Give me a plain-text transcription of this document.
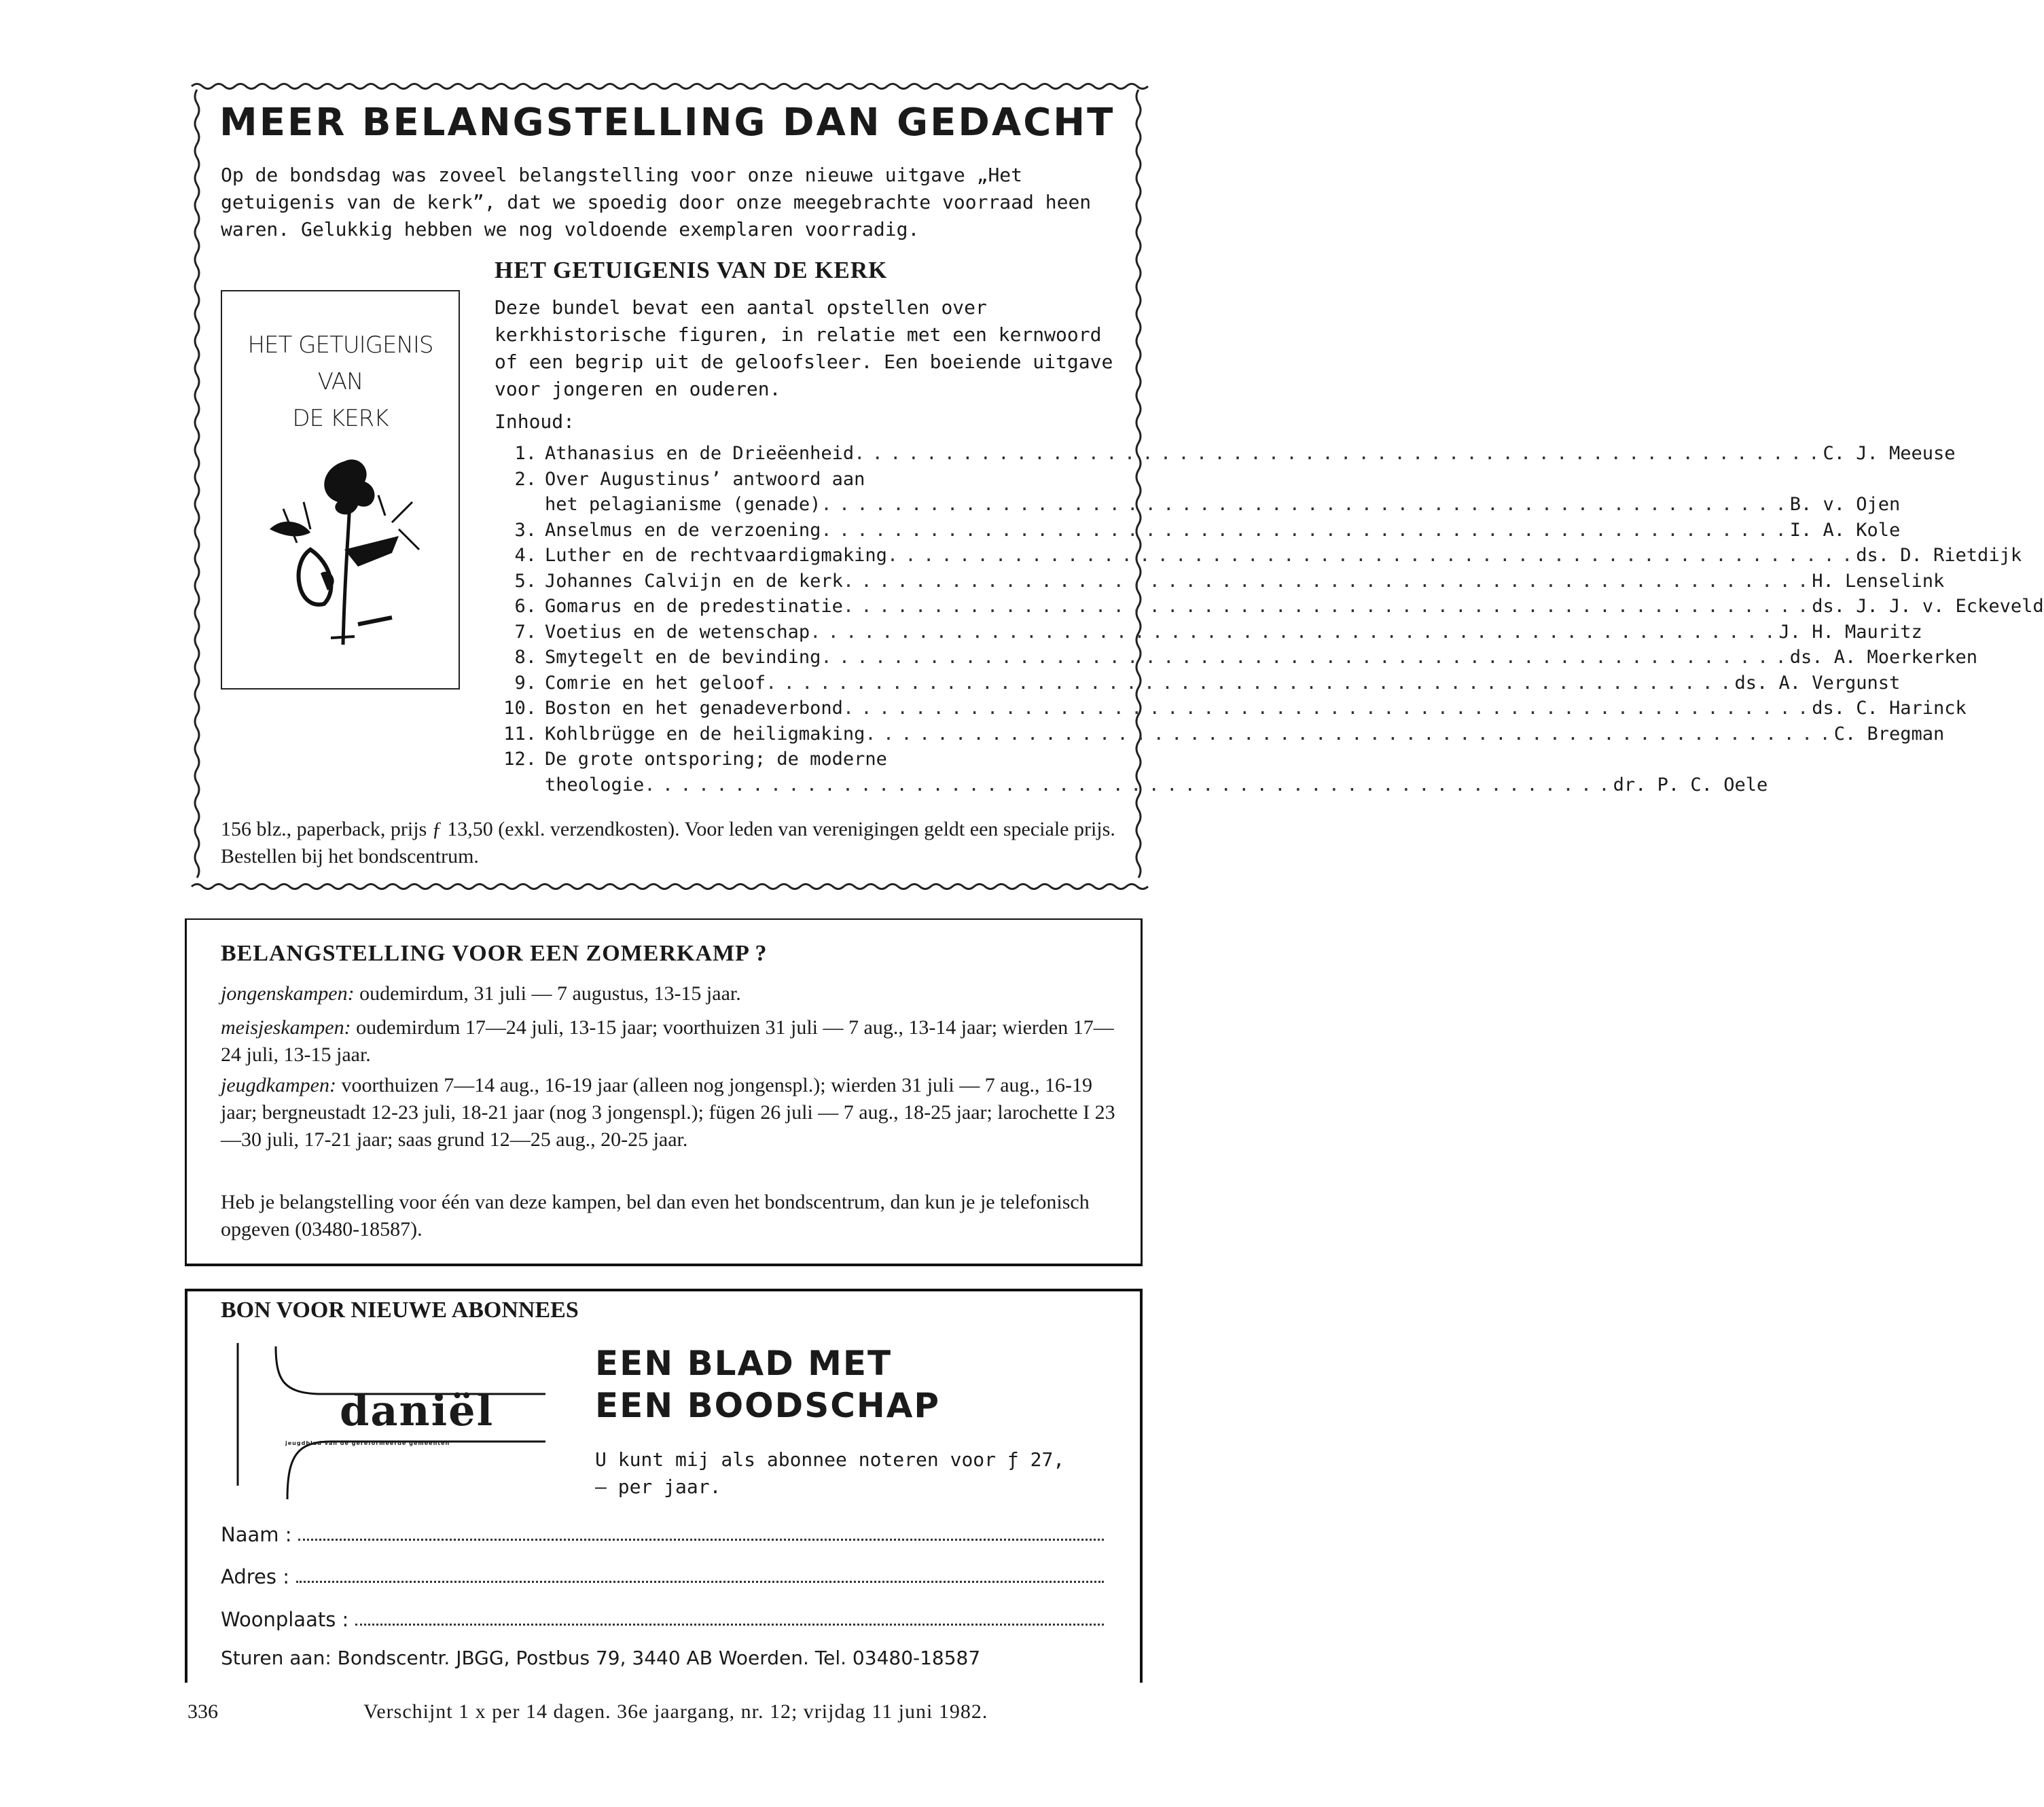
MEER BELANGSTELLING DAN GEDACHT

Op de bondsdag was zoveel belangstelling voor onze nieuwe uitgave „Het getuigenis van de kerk”, dat we spoedig door onze meegebrachte voorraad heen waren. Gelukkig hebben we nog voldoende exemplaren voorradig.

HET GETUIGENIS VAN DE KERK
HET GETUIGENIS
VAN
DE KERK

Deze bundel bevat een aantal opstellen over kerkhistorische figuren, in relatie met een kernwoord of een begrip uit de geloofsleer. Een boeiende uitgave voor jongeren en ouderen.

Inhoud:

1. Athanasius en de Drieëenheid . . .	C. J. Meeuse
2. Over Augustinus’ antwoord aan
het pelagianisme (genade) . . .	B. v. Ojen
3. Anselmus en de verzoening . . .	I. A. Kole
4. Luther en de rechtvaardigmaking . . .	ds. D. Rietdijk
5. Johannes Calvijn en de kerk . . .	H. Lenselink
6. Gomarus en de predestinatie . . .	ds. J. J. v. Eckeveld
7. Voetius en de wetenschap . . .	J. H. Mauritz
8. Smytegelt en de bevinding . . .	ds. A. Moerkerken
9. Comrie en het geloof . . .	ds. A. Vergunst
10. Boston en het genadeverbond . . .	ds. C. Harinck
11. Kohlbrügge en de heiligmaking . . .	C. Bregman
12. De grote ontsporing; de moderne
theologie . . .	dr. P. C. Oele

156 blz., paperback, prijs ƒ 13,50 (exkl. verzendkosten). Voor leden van verenigingen geldt een speciale prijs. Bestellen bij het bondscentrum.

BELANGSTELLING VOOR EEN ZOMERKAMP ?

jongenskampen: oudemirdum, 31 juli — 7 augustus, 13-15 jaar.

meisjeskampen: oudemirdum 17—24 juli, 13-15 jaar; voorthuizen 31 juli — 7 aug., 13-14 jaar; wierden 17—24 juli, 13-15 jaar.

jeugdkampen: voorthuizen 7—14 aug., 16-19 jaar (alleen nog jongenspl.); wierden 31 juli — 7 aug., 16-19 jaar; bergneustadt 12-23 juli, 18-21 jaar (nog 3 jongenspl.); fügen 26 juli — 7 aug., 18-25 jaar; larochette I 23—30 juli, 17-21 jaar; saas grund 12—25 aug., 20-25 jaar.

Heb je belangstelling voor één van deze kampen, bel dan even het bondscentrum, dan kun je je telefonisch opgeven (03480-18587).

BON VOOR NIEUWE ABONNEES

daniël

jeugdblad van de gereformeerde gemeenten

EEN BLAD MET

EEN BOODSCHAP

U kunt mij als abonnee noteren voor ƒ 27,— per jaar.

Naam :
Adres :
Woonplaats :

Sturen aan: Bondscentr. JBGG, Postbus 79, 3440 AB Woerden. Tel. 03480-18587

336	Verschijnt 1 x per 14 dagen. 36e jaargang, nr. 12; vrijdag 11 juni 1982.
